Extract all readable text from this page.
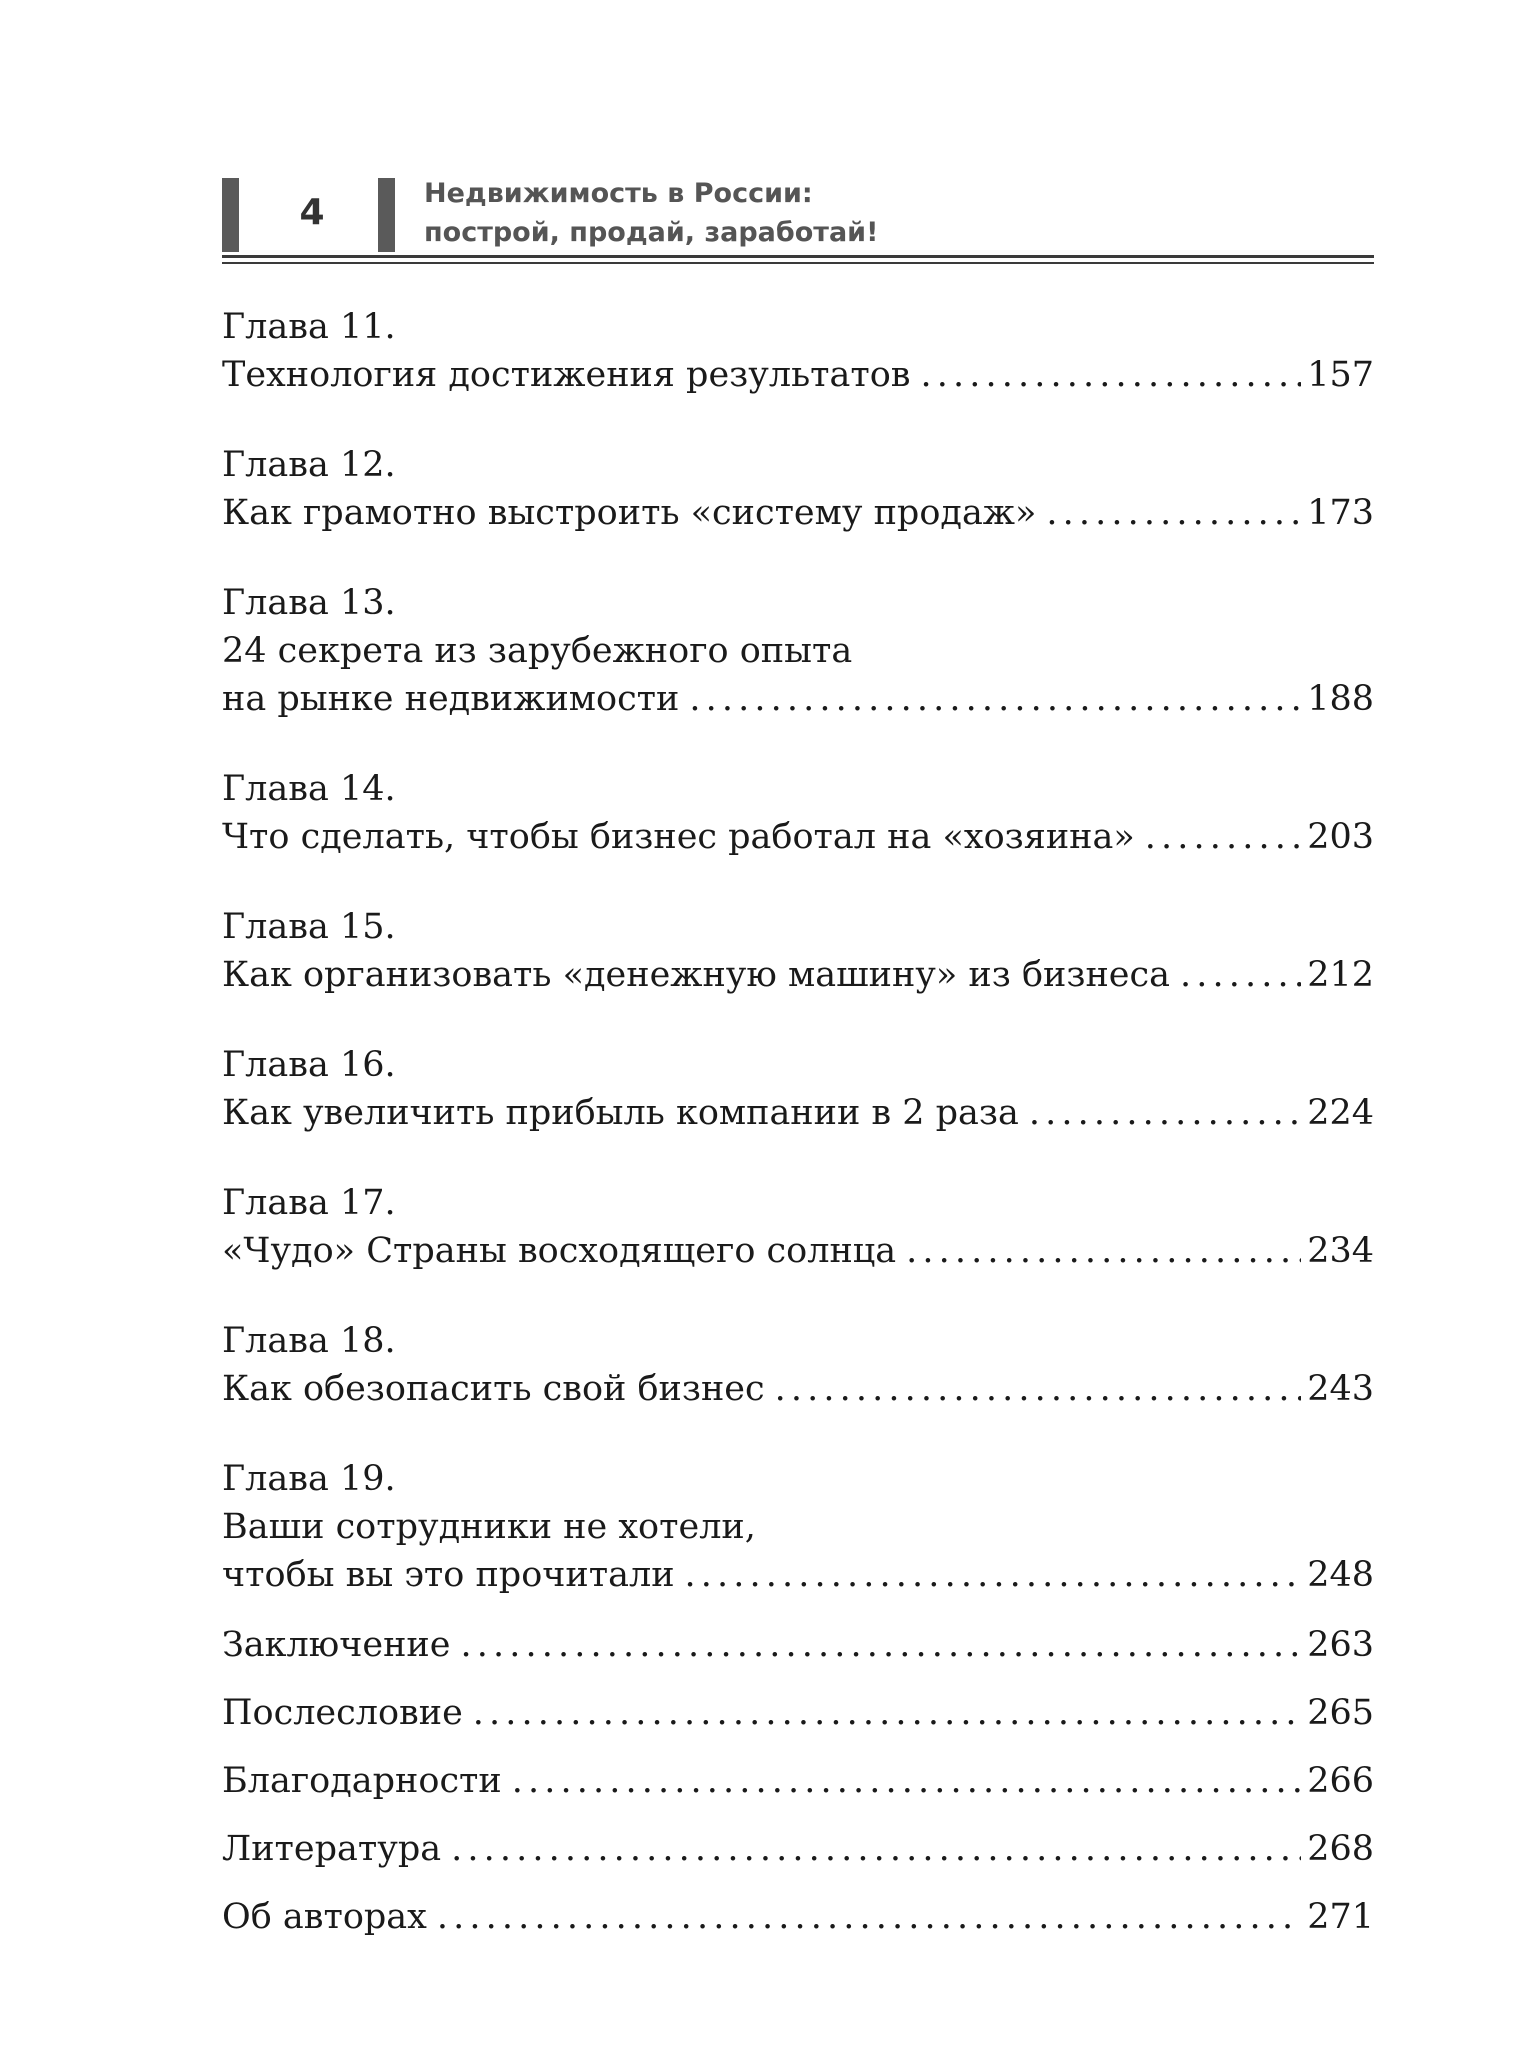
4	Недвижимость в России:
построй, продай, заработай!
Глава 11.
Технология достижения результатов . . .	157
Глава 12.
Как грамотно выстроить «систему продаж» . . .	173
Глава 13.
24 секрета из зарубежного опыта
на рынке недвижимости . . .	188
Глава 14.
Что сделать, чтобы бизнес работал на «хозяина» . . .	203
Глава 15.
Как организовать «денежную машину» из бизнеса . . .	212
Глава 16.
Как увеличить прибыль компании в 2 раза . . .	224
Глава 17.
«Чудо» Страны восходящего солнца . . .	234
Глава 18.
Как обезопасить свой бизнес . . .	243
Глава 19.
Ваши сотрудники не хотели,
чтобы вы это прочитали . . .	248
Заключение . . .	263
Послесловие . . .	265
Благодарности . . .	266
Литература . . .	268
Об авторах . . .	271
